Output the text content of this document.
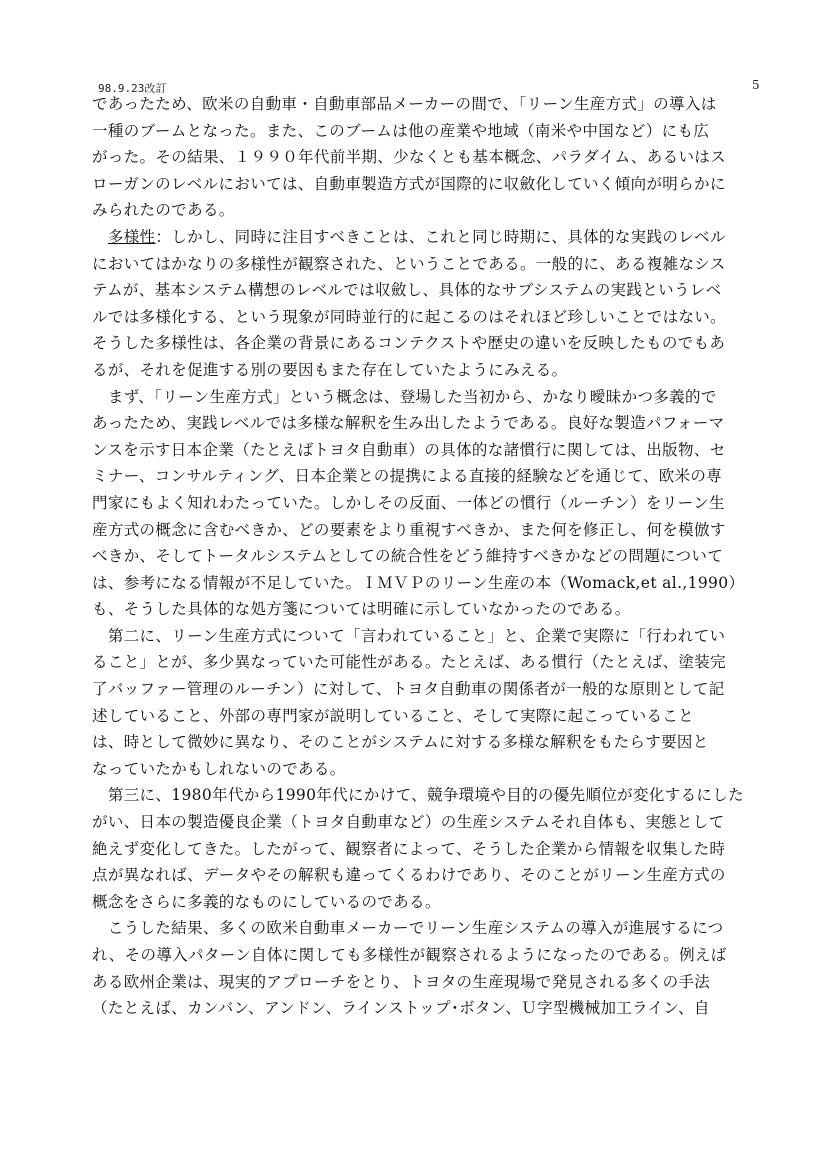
98.9.23改訂	5
であったため、欧米の自動車・自動車部品メーカーの間で、「リーン生産方式」の導入は
一種のブームとなった。また、このブームは他の産業や地域（南米や中国など）にも広
がった。その結果、１９９０年代前半期、少なくとも基本概念、パラダイム、あるいはス
ローガンのレベルにおいては、自動車製造方式が国際的に収斂化していく傾向が明らかに
みられたのである。
　多様性：しかし、同時に注目すべきことは、これと同じ時期に、具体的な実践のレベル
においてはかなりの多様性が観察された、ということである。一般的に、ある複雑なシス
テムが、基本システム構想のレベルでは収斂し、具体的なサブシステムの実践というレベ
ルでは多様化する、という現象が同時並行的に起こるのはそれほど珍しいことではない。
そうした多様性は、各企業の背景にあるコンテクストや歴史の違いを反映したものでもあ
るが、それを促進する別の要因もまた存在していたようにみえる。
　まず、「リーン生産方式」という概念は、登場した当初から、かなり曖昧かつ多義的で
あったため、実践レベルでは多様な解釈を生み出したようである。良好な製造パフォーマ
ンスを示す日本企業（たとえばトヨタ自動車）の具体的な諸慣行に関しては、出版物、セ
ミナー、コンサルティング、日本企業との提携による直接的経験などを通じて、欧米の専
門家にもよく知れわたっていた。しかしその反面、一体どの慣行（ルーチン）をリーン生
産方式の概念に含むべきか、どの要素をより重視すべきか、また何を修正し、何を模倣す
べきか、そしてトータルシステムとしての統合性をどう維持すべきかなどの問題について
は、参考になる情報が不足していた。ＩＭＶＰのリーン生産の本（Womack,et al.,1990）
も、そうした具体的な処方箋については明確に示していなかったのである。
　第二に、リーン生産方式について「言われていること」と、企業で実際に「行われてい
ること」とが、多少異なっていた可能性がある。たとえば、ある慣行（たとえば、塗装完
了バッファー管理のルーチン）に対して、トヨタ自動車の関係者が一般的な原則として記
述していること、外部の専門家が説明していること、そして実際に起こっていること
は、時として微妙に異なり、そのことがシステムに対する多様な解釈をもたらす要因と
なっていたかもしれないのである。
　第三に、1980年代から1990年代にかけて、競争環境や目的の優先順位が変化するにした
がい、日本の製造優良企業（トヨタ自動車など）の生産システムそれ自体も、実態として
絶えず変化してきた。したがって、観察者によって、そうした企業から情報を収集した時
点が異なれば、データやその解釈も違ってくるわけであり、そのことがリーン生産方式の
概念をさらに多義的なものにしているのである。
　こうした結果、多くの欧米自動車メーカーでリーン生産システムの導入が進展するにつ
れ、その導入パターン自体に関しても多様性が観察されるようになったのである。例えば
ある欧州企業は、現実的アプローチをとり、トヨタの生産現場で発見される多くの手法
（たとえば、カンバン、アンドン、ラインストップ･ボタン、Ｕ字型機械加工ライン、自
